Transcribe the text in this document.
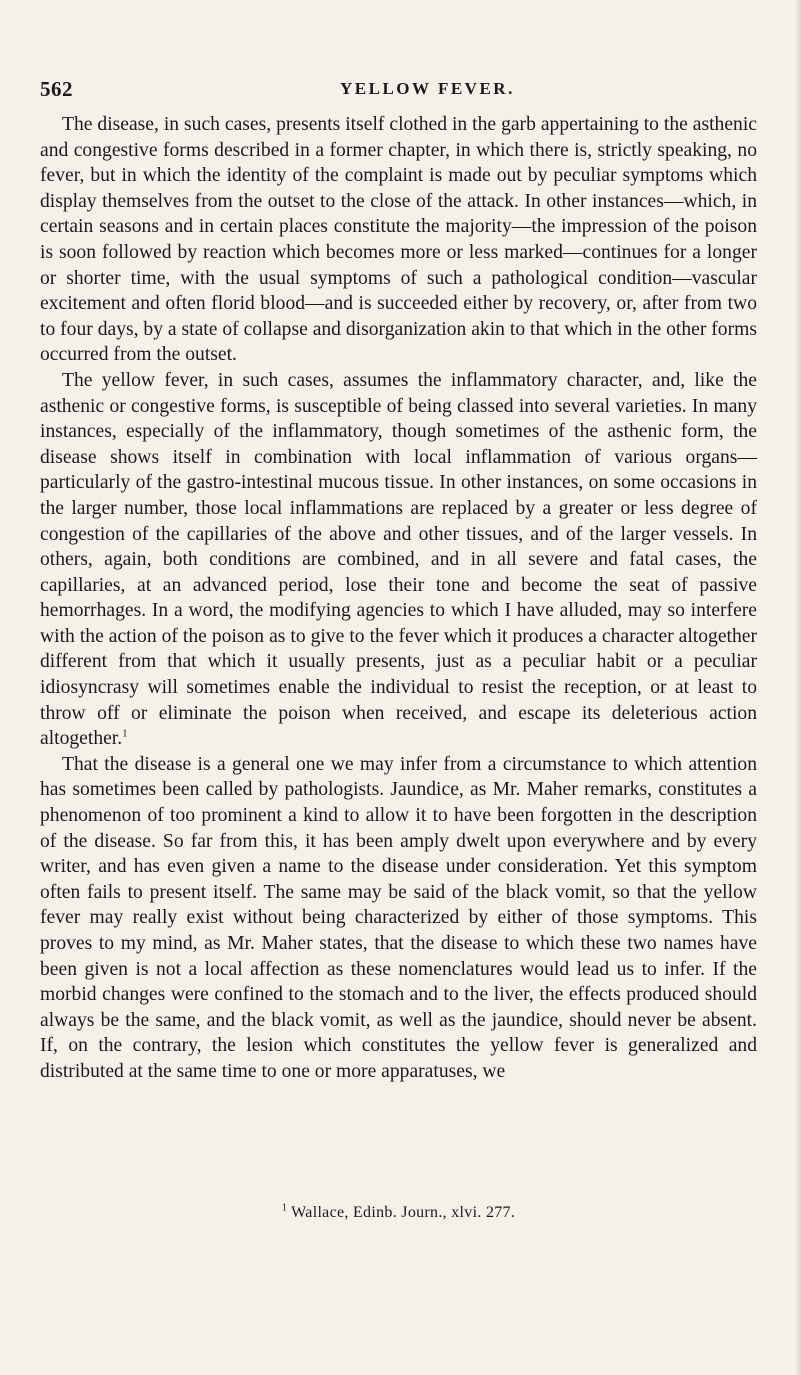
562	YELLOW FEVER.

The disease, in such cases, presents itself clothed in the garb appertaining to the asthenic and congestive forms described in a former chapter, in which there is, strictly speaking, no fever, but in which the identity of the complaint is made out by peculiar symptoms which display themselves from the outset to the close of the attack. In other instances—which, in certain seasons and in certain places constitute the majority—the impression of the poison is soon followed by reaction which becomes more or less marked—continues for a longer or shorter time, with the usual symptoms of such a pathological condition—vascular excitement and often florid blood—and is succeeded either by recovery, or, after from two to four days, by a state of collapse and disorganization akin to that which in the other forms occurred from the outset.

The yellow fever, in such cases, assumes the inflammatory character, and, like the asthenic or congestive forms, is susceptible of being classed into several varieties. In many instances, especially of the inflammatory, though sometimes of the asthenic form, the disease shows itself in combination with local inflammation of various organs—particularly of the gastro-intestinal mucous tissue. In other instances, on some occasions in the larger number, those local inflammations are replaced by a greater or less degree of congestion of the capillaries of the above and other tissues, and of the larger vessels. In others, again, both conditions are combined, and in all severe and fatal cases, the capillaries, at an advanced period, lose their tone and become the seat of passive hemorrhages. In a word, the modifying agencies to which I have alluded, may so interfere with the action of the poison as to give to the fever which it produces a character altogether different from that which it usually presents, just as a peculiar habit or a peculiar idiosyncrasy will sometimes enable the individual to resist the reception, or at least to throw off or eliminate the poison when received, and escape its deleterious action altogether.$^1$

That the disease is a general one we may infer from a circumstance to which attention has sometimes been called by pathologists. Jaundice, as Mr. Maher remarks, constitutes a phenomenon of too prominent a kind to allow it to have been forgotten in the description of the disease. So far from this, it has been amply dwelt upon everywhere and by every writer, and has even given a name to the disease under consideration. Yet this symptom often fails to present itself. The same may be said of the black vomit, so that the yellow fever may really exist without being characterized by either of those symptoms. This proves to my mind, as Mr. Maher states, that the disease to which these two names have been given is not a local affection as these nomenclatures would lead us to infer. If the morbid changes were confined to the stomach and to the liver, the effects produced should always be the same, and the black vomit, as well as the jaundice, should never be absent. If, on the contrary, the lesion which constitutes the yellow fever is generalized and distributed at the same time to one or more apparatuses, we

$^1$ Wallace, Edinb. Journ., xlvi. 277.
